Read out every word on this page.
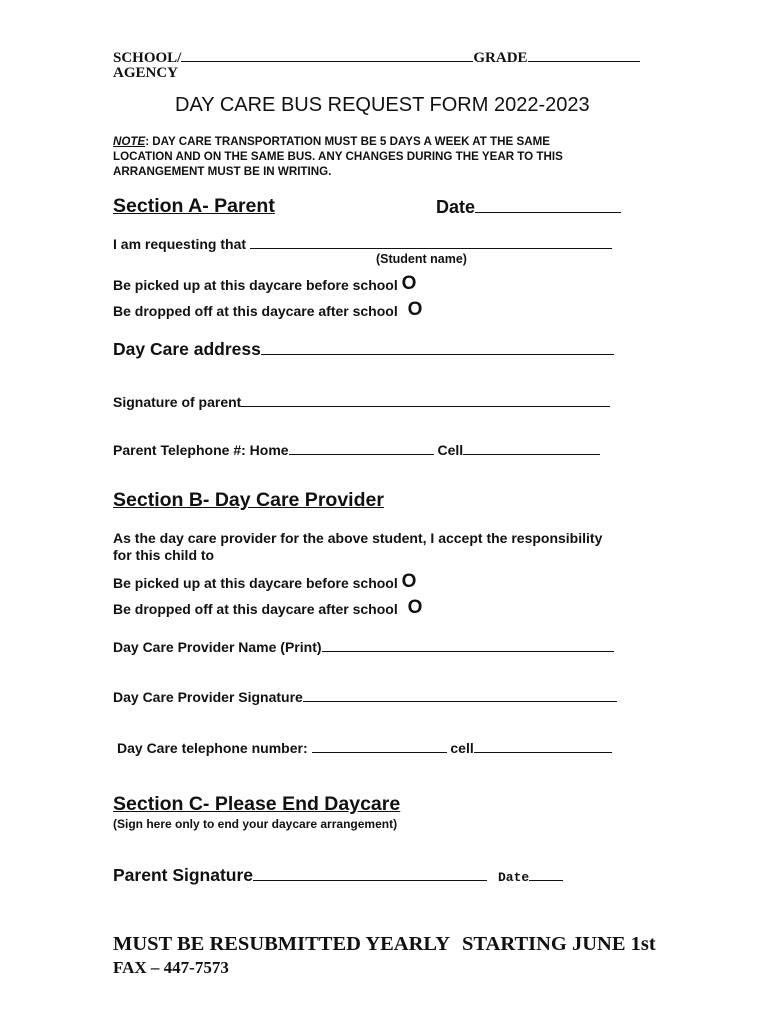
SCHOOL/	GRADE
AGENCY
DAY CARE BUS REQUEST FORM 2022-2023
NOTE: DAY CARE TRANSPORTATION MUST BE 5 DAYS A WEEK AT THE SAME
LOCATION AND ON THE SAME BUS. ANY CHANGES DURING THE YEAR TO THIS
ARRANGEMENT MUST BE IN WRITING.
Section A- Parent	Date
I am requesting that
(Student name)
Be picked up at this daycare before school O
Be dropped off at this daycare after school O
Day Care address
Signature of parent
Parent Telephone #: Home	Cell
Section B- Day Care Provider
As the day care provider for the above student, I accept the responsibility
for this child to
Be picked up at this daycare before school O
Be dropped off at this daycare after school O
Day Care Provider Name (Print)
Day Care Provider Signature
Day Care telephone number:	cell
Section C- Please End Daycare
(Sign here only to end your daycare arrangement)
Parent Signature	Date
MUST BE RESUBMITTED YEARLY STARTING JUNE 1st
FAX – 447-7573
